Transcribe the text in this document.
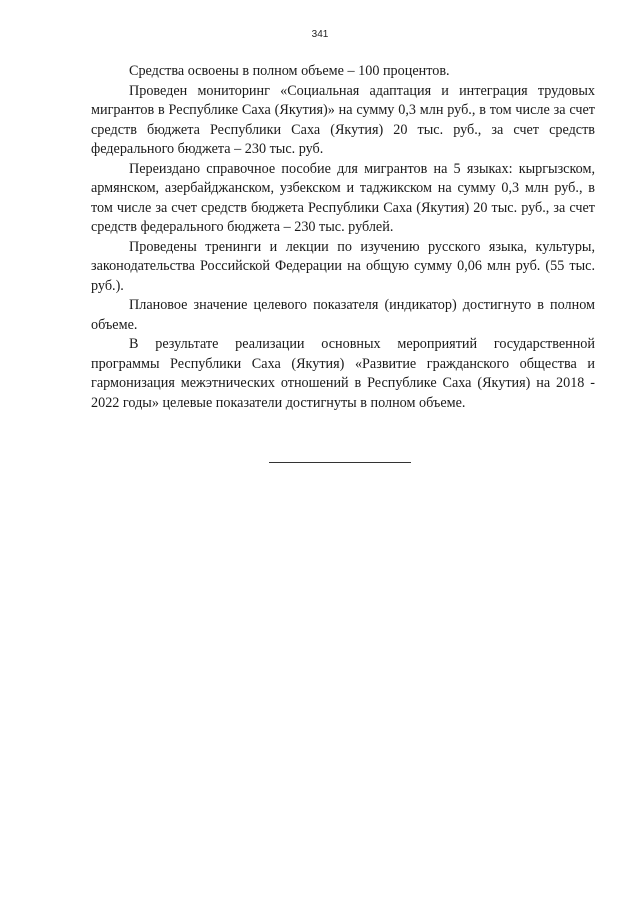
341

Средства освоены в полном объеме – 100 процентов.

Проведен мониторинг «Социальная адаптация и интеграция трудовых мигрантов в Республике Саха (Якутия)» на сумму 0,3 млн руб., в том числе за счет средств бюджета Республики Саха (Якутия) 20 тыс. руб., за счет средств федерального бюджета – 230 тыс. руб.

Переиздано справочное пособие для мигрантов на 5 языках: кыргызском, армянском, азербайджанском, узбекском и таджикском на сумму 0,3 млн руб., в том числе за счет средств бюджета Республики Саха (Якутия) 20 тыс. руб., за счет средств федерального бюджета – 230 тыс. рублей.

Проведены тренинги и лекции по изучению русского языка, культуры, законодательства Российской Федерации на общую сумму 0,06 млн руб. (55 тыс. руб.).

Плановое значение целевого показателя (индикатор) достигнуто в полном объеме.

В результате реализации основных мероприятий государственной программы Республики Саха (Якутия) «Развитие гражданского общества и гармонизация межэтнических отношений в Республике Саха (Якутия) на 2018 - 2022 годы» целевые показатели достигнуты в полном объеме.
